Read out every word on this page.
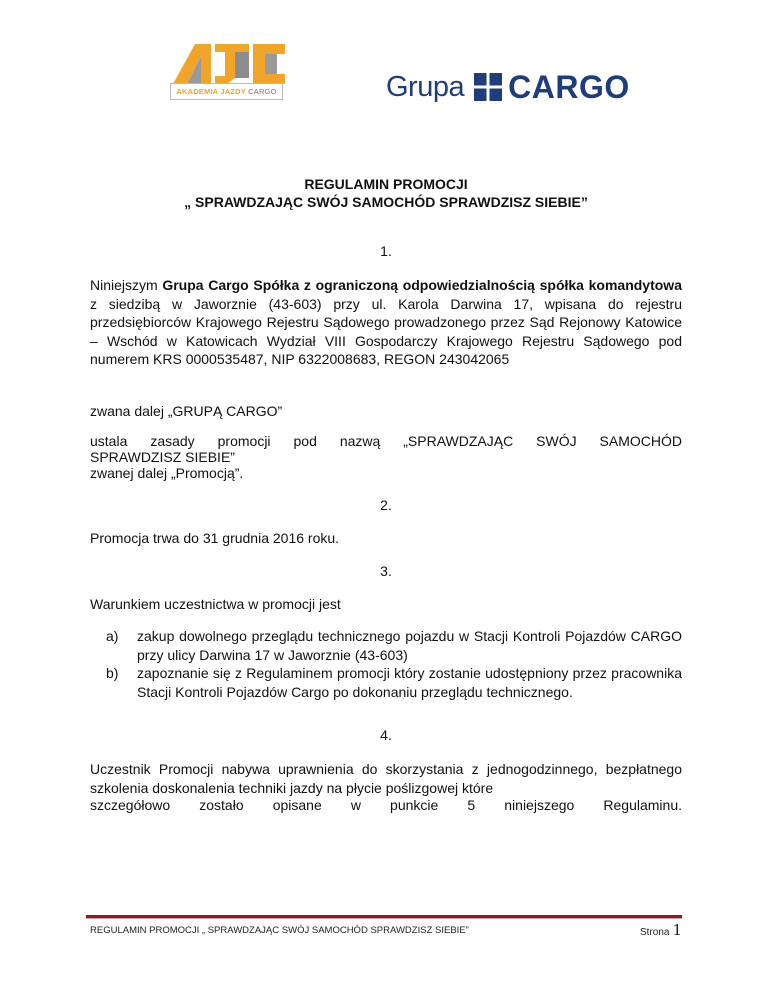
AKADEMIA JAZDY CARGO	Grupa CARGO
REGULAMIN PROMOCJI
„ SPRAWDZAJĄC SWÓJ SAMOCHÓD SPRAWDZISZ SIEBIE”
1.
Niniejszym Grupa Cargo Spółka z ograniczoną odpowiedzialnością spółka komandytowa z siedzibą w Jaworznie (43-603) przy ul. Karola Darwina 17, wpisana do rejestru przedsiębiorców Krajowego Rejestru Sądowego prowadzonego przez Sąd Rejonowy Katowice – Wschód w Katowicach Wydział VIII Gospodarczy Krajowego Rejestru Sądowego pod numerem KRS 0000535487, NIP 6322008683, REGON 243042065
zwana dalej „GRUPĄ CARGO”
ustala zasady promocji pod nazwą „SPRAWDZAJĄC SWÓJ SAMOCHÓD
SPRAWDZISZ SIEBIE”
zwanej dalej „Promocją”.
2.
Promocja trwa do 31 grudnia 2016 roku.
3.
Warunkiem uczestnictwa w promocji jest
a) zakup dowolnego przeglądu technicznego pojazdu w Stacji Kontroli Pojazdów CARGO przy ulicy Darwina 17 w Jaworznie (43-603)
b) zapoznanie się z Regulaminem promocji który zostanie udostępniony przez pracownika Stacji Kontroli Pojazdów Cargo po dokonaniu przeglądu technicznego.
4.
Uczestnik Promocji nabywa uprawnienia do skorzystania z jednogodzinnego, bezpłatnego szkolenia doskonalenia techniki jazdy na płycie poślizgowej które
szczegółowo zostało opisane w punkcie 5 niniejszego Regulaminu.
REGULAMIN PROMOCJI „ SPRAWDZAJĄC SWÓJ SAMOCHÓD SPRAWDZISZ SIEBIE”	Strona 1
